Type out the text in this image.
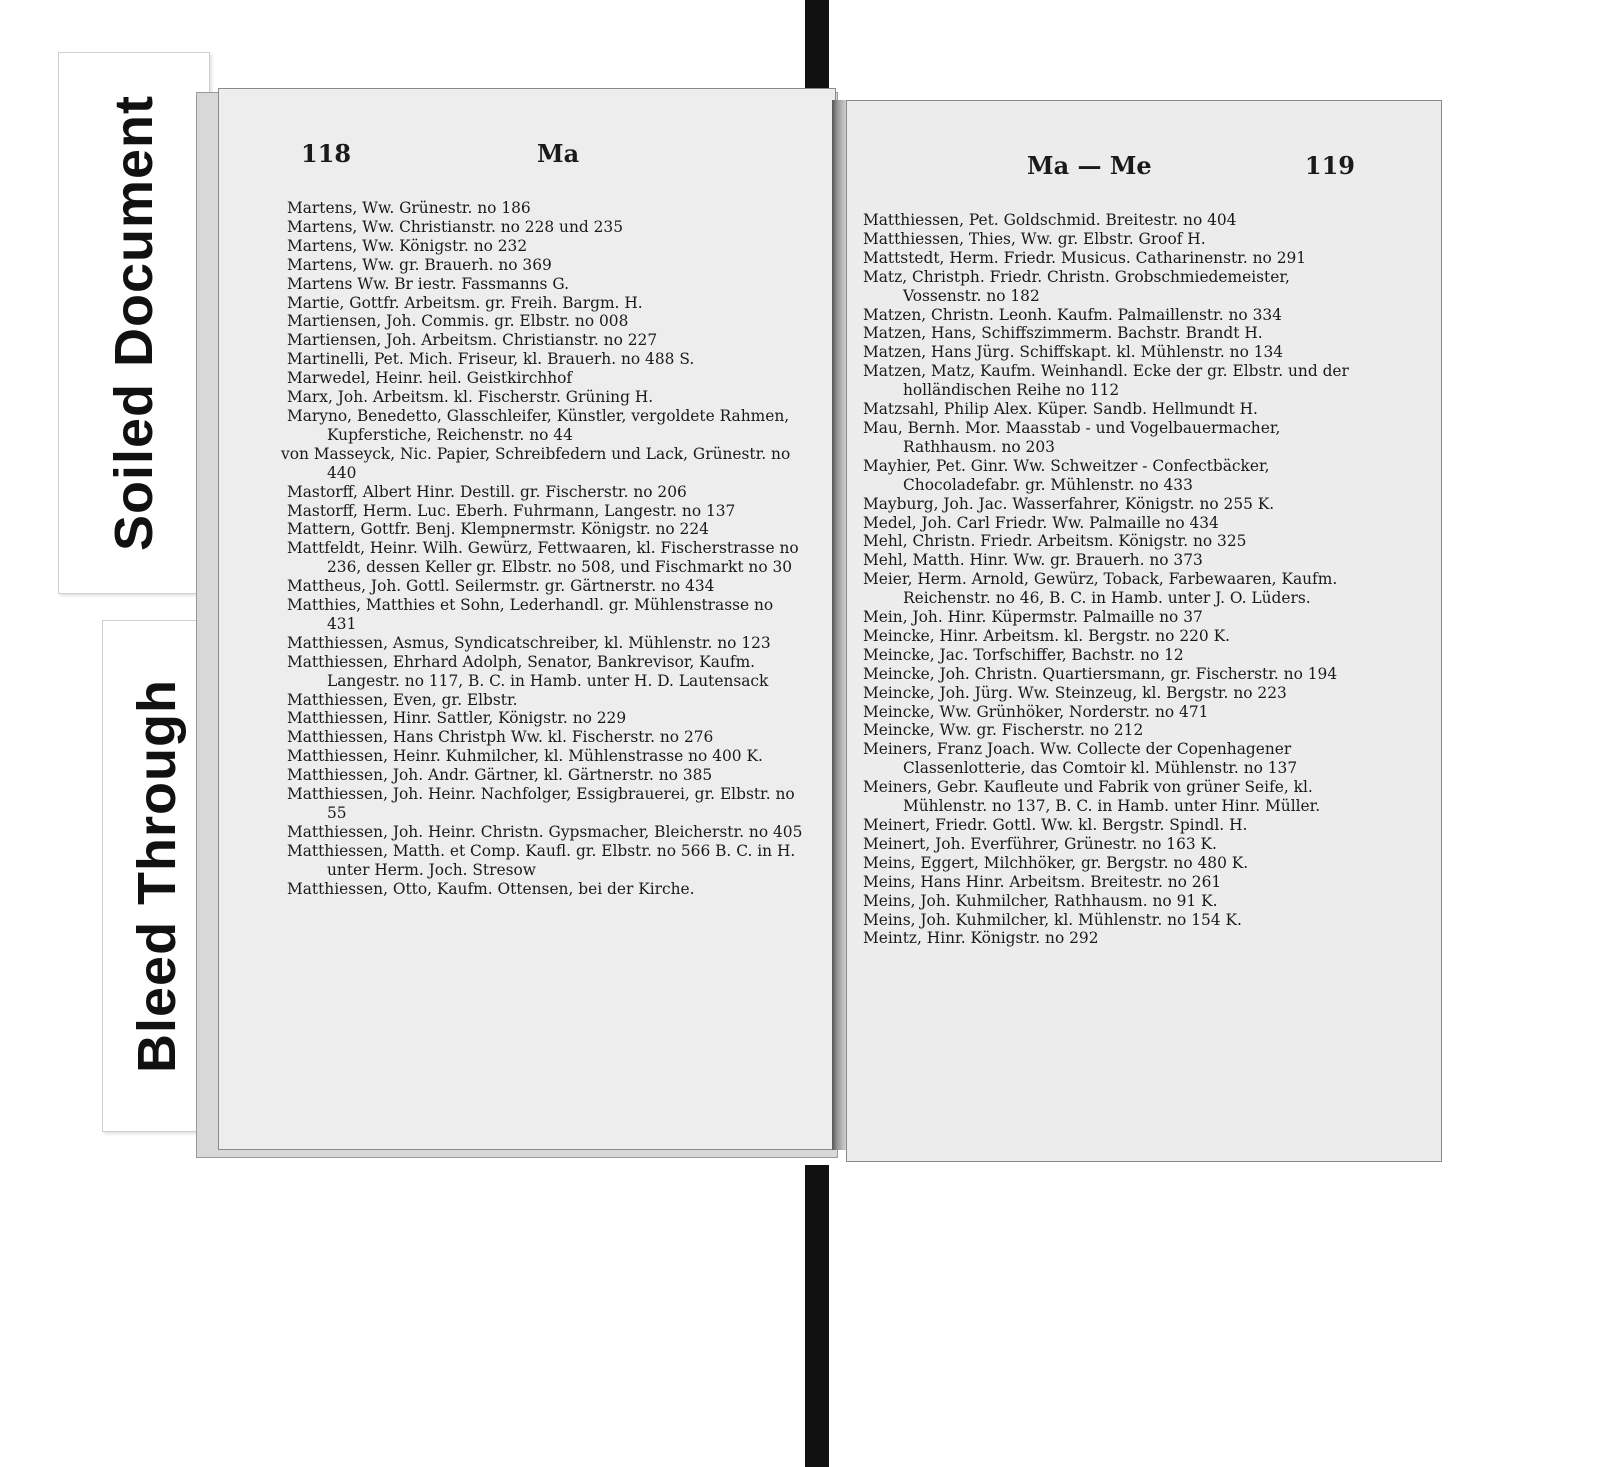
Soiled Document
Bleed Through
118	Ma

Martens, Ww. Grünestr. no 186

Martens, Ww. Christianstr. no 228 und 235

Martens, Ww. Königstr. no 232

Martens, Ww. gr. Brauerh. no 369

Martens Ww. Br iestr. Fassmanns G.

Martie, Gottfr. Arbeitsm. gr. Freih. Bargm. H.

Martiensen, Joh. Commis. gr. Elbstr. no 008

Martiensen, Joh. Arbeitsm. Christianstr. no 227

Martinelli, Pet. Mich. Friseur, kl. Brauerh. no 488 S.

Marwedel, Heinr. heil. Geistkirchhof

Marx, Joh. Arbeitsm. kl. Fischerstr. Grüning H.

Maryno, Benedetto, Glasschleifer, Künstler, vergoldete Rahmen, Kupferstiche, Reichenstr. no 44

von Masseyck, Nic. Papier, Schreibfedern und Lack, Grünestr. no 440

Mastorff, Albert Hinr. Destill. gr. Fischerstr. no 206

Mastorff, Herm. Luc. Eberh. Fuhrmann, Langestr. no 137

Mattern, Gottfr. Benj. Klempnermstr. Königstr. no 224

Mattfeldt, Heinr. Wilh. Gewürz, Fettwaaren, kl. Fischerstrasse no 236, dessen Keller gr. Elbstr. no 508, und Fischmarkt no 30

Mattheus, Joh. Gottl. Seilermstr. gr. Gärtnerstr. no 434

Matthies, Matthies et Sohn, Lederhandl. gr. Mühlenstrasse no 431

Matthiessen, Asmus, Syndicatschreiber, kl. Mühlenstr. no 123

Matthiessen, Ehrhard Adolph, Senator, Bankrevisor, Kaufm. Langestr. no 117, B. C. in Hamb. unter H. D. Lautensack

Matthiessen, Even, gr. Elbstr.

Matthiessen, Hinr. Sattler, Königstr. no 229

Matthiessen, Hans Christph Ww. kl. Fischerstr. no 276

Matthiessen, Heinr. Kuhmilcher, kl. Mühlenstrasse no 400 K.

Matthiessen, Joh. Andr. Gärtner, kl. Gärtnerstr. no 385

Matthiessen, Joh. Heinr. Nachfolger, Essigbrauerei, gr. Elbstr. no 55

Matthiessen, Joh. Heinr. Christn. Gypsmacher, Bleicherstr. no 405

Matthiessen, Matth. et Comp. Kaufl. gr. Elbstr. no 566 B. C. in H. unter Herm. Joch. Stresow

Matthiessen, Otto, Kaufm. Ottensen, bei der Kirche.

Ma — Me	119

Matthiessen, Pet. Goldschmid. Breitestr. no 404

Matthiessen, Thies, Ww. gr. Elbstr. Groof H.

Mattstedt, Herm. Friedr. Musicus. Catharinenstr. no 291

Matz, Christph. Friedr. Christn. Grobschmiedemeister, Vossenstr. no 182

Matzen, Christn. Leonh. Kaufm. Palmaillenstr. no 334

Matzen, Hans, Schiffszimmerm. Bachstr. Brandt H.

Matzen, Hans Jürg. Schiffskapt. kl. Mühlenstr. no 134

Matzen, Matz, Kaufm. Weinhandl. Ecke der gr. Elbstr. und der holländischen Reihe no 112

Matzsahl, Philip Alex. Küper. Sandb. Hellmundt H.

Mau, Bernh. Mor. Maasstab - und Vogelbauermacher, Rathhausm. no 203

Mayhier, Pet. Ginr. Ww. Schweitzer - Confectbäcker, Chocoladefabr. gr. Mühlenstr. no 433

Mayburg, Joh. Jac. Wasserfahrer, Königstr. no 255 K.

Medel, Joh. Carl Friedr. Ww. Palmaille no 434

Mehl, Christn. Friedr. Arbeitsm. Königstr. no 325

Mehl, Matth. Hinr. Ww. gr. Brauerh. no 373

Meier, Herm. Arnold, Gewürz, Toback, Farbewaaren, Kaufm. Reichenstr. no 46, B. C. in Hamb. unter J. O. Lüders.

Mein, Joh. Hinr. Küpermstr. Palmaille no 37

Meincke, Hinr. Arbeitsm. kl. Bergstr. no 220 K.

Meincke, Jac. Torfschiffer, Bachstr. no 12

Meincke, Joh. Christn. Quartiersmann, gr. Fischerstr. no 194

Meincke, Joh. Jürg. Ww. Steinzeug, kl. Bergstr. no 223

Meincke, Ww. Grünhöker, Norderstr. no 471

Meincke, Ww. gr. Fischerstr. no 212

Meiners, Franz Joach. Ww. Collecte der Copenhagener Classenlotterie, das Comtoir kl. Mühlenstr. no 137

Meiners, Gebr. Kaufleute und Fabrik von grüner Seife, kl. Mühlenstr. no 137, B. C. in Hamb. unter Hinr. Müller.

Meinert, Friedr. Gottl. Ww. kl. Bergstr. Spindl. H.

Meinert, Joh. Everführer, Grünestr. no 163 K.

Meins, Eggert, Milchhöker, gr. Bergstr. no 480 K.

Meins, Hans Hinr. Arbeitsm. Breitestr. no 261

Meins, Joh. Kuhmilcher, Rathhausm. no 91 K.

Meins, Joh. Kuhmilcher, kl. Mühlenstr. no 154 K.

Meintz, Hinr. Königstr. no 292
